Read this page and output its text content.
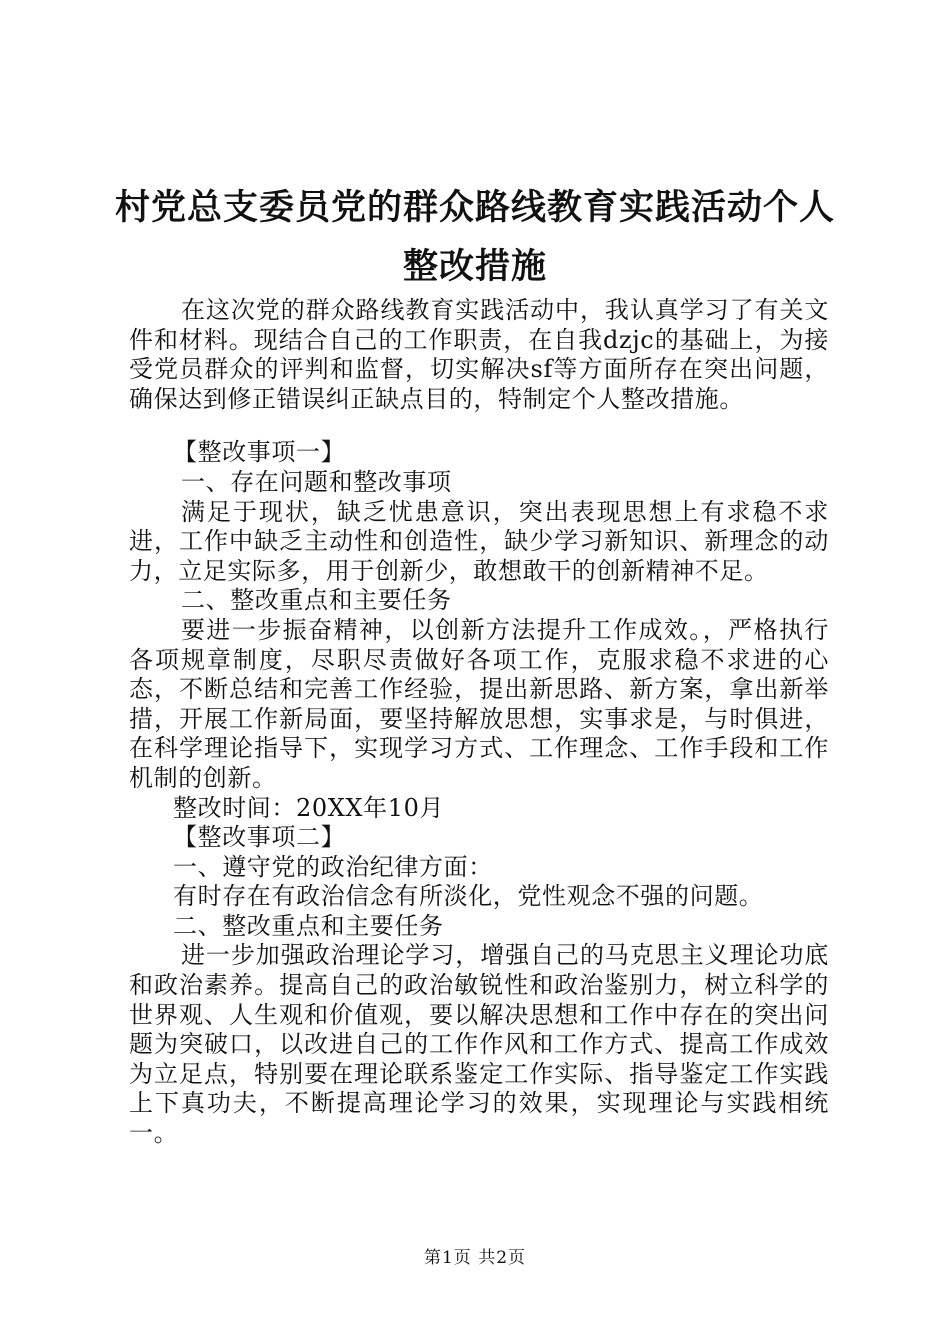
村党总支委员党的群众路线教育实践活动个人
整改措施

在这次党的群众路线教育实践活动中，我认真学习了有关文件和材料。现结合自己的工作职责，在自我dzjc的基础上，为接受党员群众的评判和监督，切实解决sf等方面所存在突出问题，确保达到修正错误纠正缺点目的，特制定个人整改措施。

【整改事项一】

一、存在问题和整改事项

满足于现状，缺乏忧患意识，突出表现思想上有求稳不求进，工作中缺乏主动性和创造性，缺少学习新知识、新理念的动力，立足实际多，用于创新少，敢想敢干的创新精神不足。

二、整改重点和主要任务

要进一步振奋精神，以创新方法提升工作成效。，严格执行各项规章制度，尽职尽责做好各项工作，克服求稳不求进的心态，不断总结和完善工作经验，提出新思路、新方案，拿出新举措，开展工作新局面，要坚持解放思想，实事求是，与时俱进，在科学理论指导下，实现学习方式、工作理念、工作手段和工作机制的创新。

整改时间：20XX年10月

【整改事项二】

一、遵守党的政治纪律方面：

有时存在有政治信念有所淡化，党性观念不强的问题。

二、整改重点和主要任务

进一步加强政治理论学习，增强自己的马克思主义理论功底和政治素养。提高自己的政治敏锐性和政治鉴别力，树立科学的世界观、人生观和价值观，要以解决思想和工作中存在的突出问题为突破口，以改进自己的工作作风和工作方式、提高工作成效为立足点，特别要在理论联系鉴定工作实际、指导鉴定工作实践上下真功夫，不断提高理论学习的效果，实现理论与实践相统一。

第1页 共2页
